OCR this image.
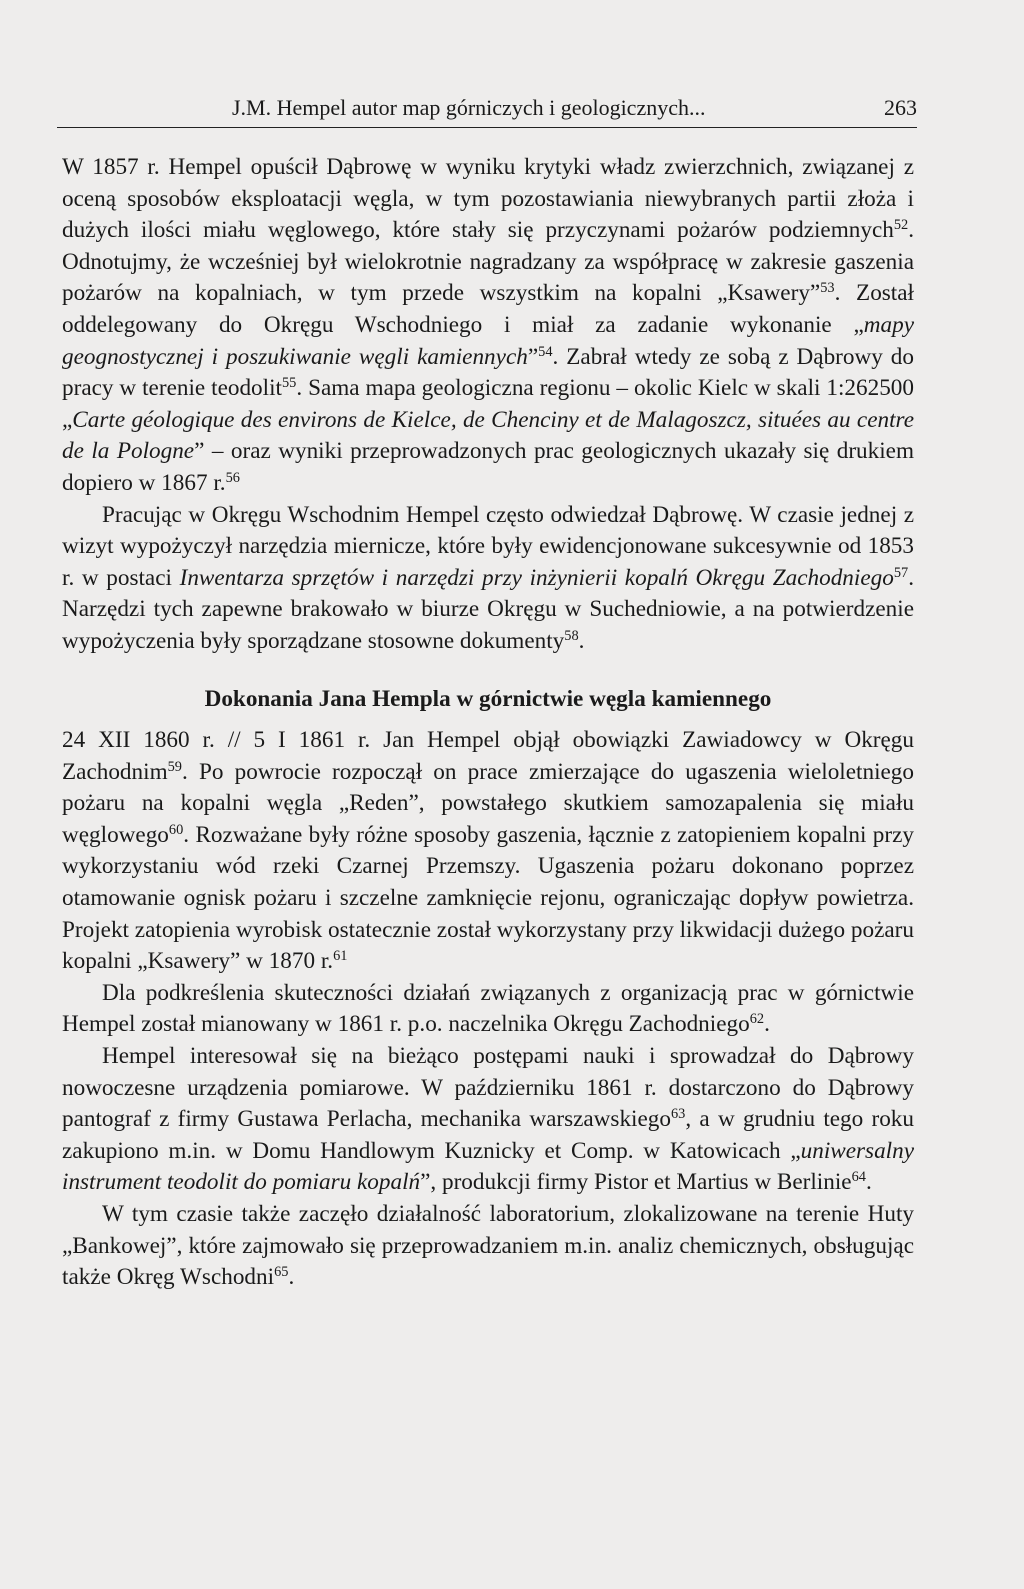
J.M. Hempel autor map górniczych i geologicznych...	263

W 1857 r. Hempel opuścił Dąbrowę w wyniku krytyki władz zwierzchnich, związanej z oceną sposobów eksploatacji węgla, w tym pozostawiania niewybranych partii złoża i dużych ilości miału węglowego, które stały się przyczynami pożarów podziemnych$^{52}$. Odnotujmy, że wcześniej był wielokrotnie nagradzany za współpracę w zakresie gaszenia pożarów na kopalniach, w tym przede wszystkim na kopalni „Ksawery”$^{53}$. Został oddelegowany do Okręgu Wschodniego i miał za zadanie wykonanie „mapy geognostycznej i poszukiwanie węgli kamiennych”$^{54}$. Zabrał wtedy ze sobą z Dąbrowy do pracy w terenie teodolit$^{55}$. Sama mapa geologiczna regionu – okolic Kielc w skali 1:262500 „Carte géologique des environs de Kielce, de Chenciny et de Malagoszcz, situées au centre de la Pologne” – oraz wyniki przeprowadzonych prac geologicznych ukazały się drukiem dopiero w 1867 r.$^{56}$

Pracując w Okręgu Wschodnim Hempel często odwiedzał Dąbrowę. W czasie jednej z wizyt wypożyczył narzędzia miernicze, które były ewidencjonowane sukcesywnie od 1853 r. w postaci Inwentarza sprzętów i narzędzi przy inżynierii kopalń Okręgu Zachodniego$^{57}$. Narzędzi tych zapewne brakowało w biurze Okręgu w Suchedniowie, a na potwierdzenie wypożyczenia były sporządzane stosowne dokumenty$^{58}$.

Dokonania Jana Hempla w górnictwie węgla kamiennego

24 XII 1860 r. // 5 I 1861 r. Jan Hempel objął obowiązki Zawiadowcy w Okręgu Zachodnim$^{59}$. Po powrocie rozpoczął on prace zmierzające do ugaszenia wieloletniego pożaru na kopalni węgla „Reden”, powstałego skutkiem samozapalenia się miału węglowego$^{60}$. Rozważane były różne sposoby gaszenia, łącznie z zatopieniem kopalni przy wykorzystaniu wód rzeki Czarnej Przemszy. Ugaszenia pożaru dokonano poprzez otamowanie ognisk pożaru i szczelne zamknięcie rejonu, ograniczając dopływ powietrza. Projekt zatopienia wyrobisk ostatecznie został wykorzystany przy likwidacji dużego pożaru kopalni „Ksawery” w 1870 r.$^{61}$

Dla podkreślenia skuteczności działań związanych z organizacją prac w górnictwie Hempel został mianowany w 1861 r. p.o. naczelnika Okręgu Zachodniego$^{62}$.

Hempel interesował się na bieżąco postępami nauki i sprowadzał do Dąbrowy nowoczesne urządzenia pomiarowe. W październiku 1861 r. dostarczono do Dąbrowy pantograf z firmy Gustawa Perlacha, mechanika warszawskiego$^{63}$, a w grudniu tego roku zakupiono m.in. w Domu Handlowym Kuznicky et Comp. w Katowicach „uniwersalny instrument teodolit do pomiaru kopalń”, produkcji firmy Pistor et Martius w Berlinie$^{64}$.

W tym czasie także zaczęło działalność laboratorium, zlokalizowane na terenie Huty „Bankowej”, które zajmowało się przeprowadzaniem m.in. analiz chemicznych, obsługując także Okręg Wschodni$^{65}$.
